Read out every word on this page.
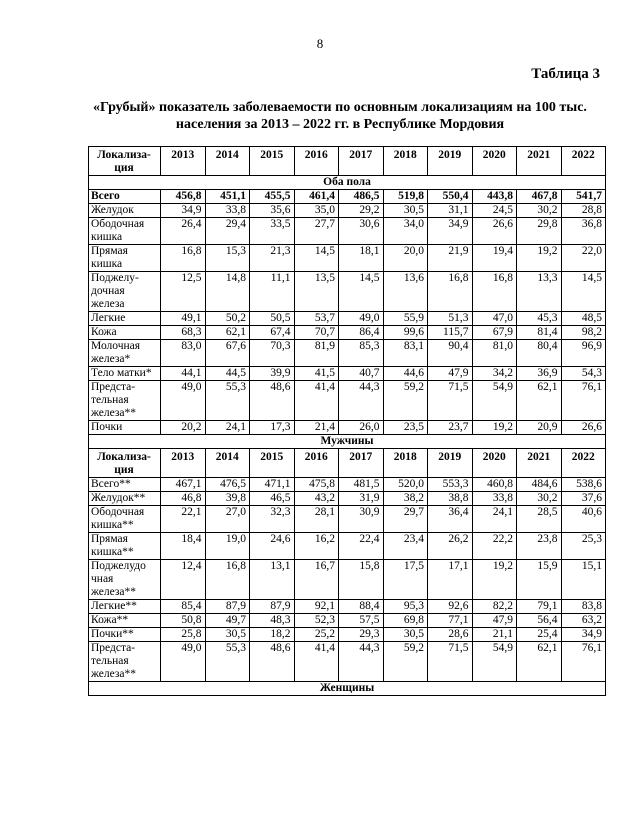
8
Таблица 3
«Грубый» показатель заболеваемости по основным локализациям на 100 тыс. населения за 2013 – 2022 гг. в Республике Мордовия
Локализа-ция	2013	2014	2015	2016	2017	2018	2019	2020	2021	2022
Оба пола										
Всего	456,8	451,1	455,5	461,4	486,5	519,8	550,4	443,8	467,8	541,7
Желудок	34,9	33,8	35,6	35,0	29,2	30,5	31,1	24,5	30,2	28,8
Ободочная кишка	26,4	29,4	33,5	27,7	30,6	34,0	34,9	26,6	29,8	36,8
Прямая кишка	16,8	15,3	21,3	14,5	18,1	20,0	21,9	19,4	19,2	22,0
Поджелу-дочная железа	12,5	14,8	11,1	13,5	14,5	13,6	16,8	16,8	13,3	14,5
Легкие	49,1	50,2	50,5	53,7	49,0	55,9	51,3	47,0	45,3	48,5
Кожа	68,3	62,1	67,4	70,7	86,4	99,6	115,7	67,9	81,4	98,2
Молочная железа*	83,0	67,6	70,3	81,9	85,3	83,1	90,4	81,0	80,4	96,9
Тело матки*	44,1	44,5	39,9	41,5	40,7	44,6	47,9	34,2	36,9	54,3
Предста-тельная железа**	49,0	55,3	48,6	41,4	44,3	59,2	71,5	54,9	62,1	76,1
Почки	20,2	24,1	17,3	21,4	26,0	23,5	23,7	19,2	20,9	26,6
Мужчины										
Локализа-ция	2013	2014	2015	2016	2017	2018	2019	2020	2021	2022
Всего**	467,1	476,5	471,1	475,8	481,5	520,0	553,3	460,8	484,6	538,6
Желудок**	46,8	39,8	46,5	43,2	31,9	38,2	38,8	33,8	30,2	37,6
Ободочная кишка**	22,1	27,0	32,3	28,1	30,9	29,7	36,4	24,1	28,5	40,6
Прямая кишка**	18,4	19,0	24,6	16,2	22,4	23,4	26,2	22,2	23,8	25,3
Поджелудо чная железа**	12,4	16,8	13,1	16,7	15,8	17,5	17,1	19,2	15,9	15,1
Легкие**	85,4	87,9	87,9	92,1	88,4	95,3	92,6	82,2	79,1	83,8
Кожа**	50,8	49,7	48,3	52,3	57,5	69,8	77,1	47,9	56,4	63,2
Почки**	25,8	30,5	18,2	25,2	29,3	30,5	28,6	21,1	25,4	34,9
Предста-тельная железа**	49,0	55,3	48,6	41,4	44,3	59,2	71,5	54,9	62,1	76,1
Женщины										
